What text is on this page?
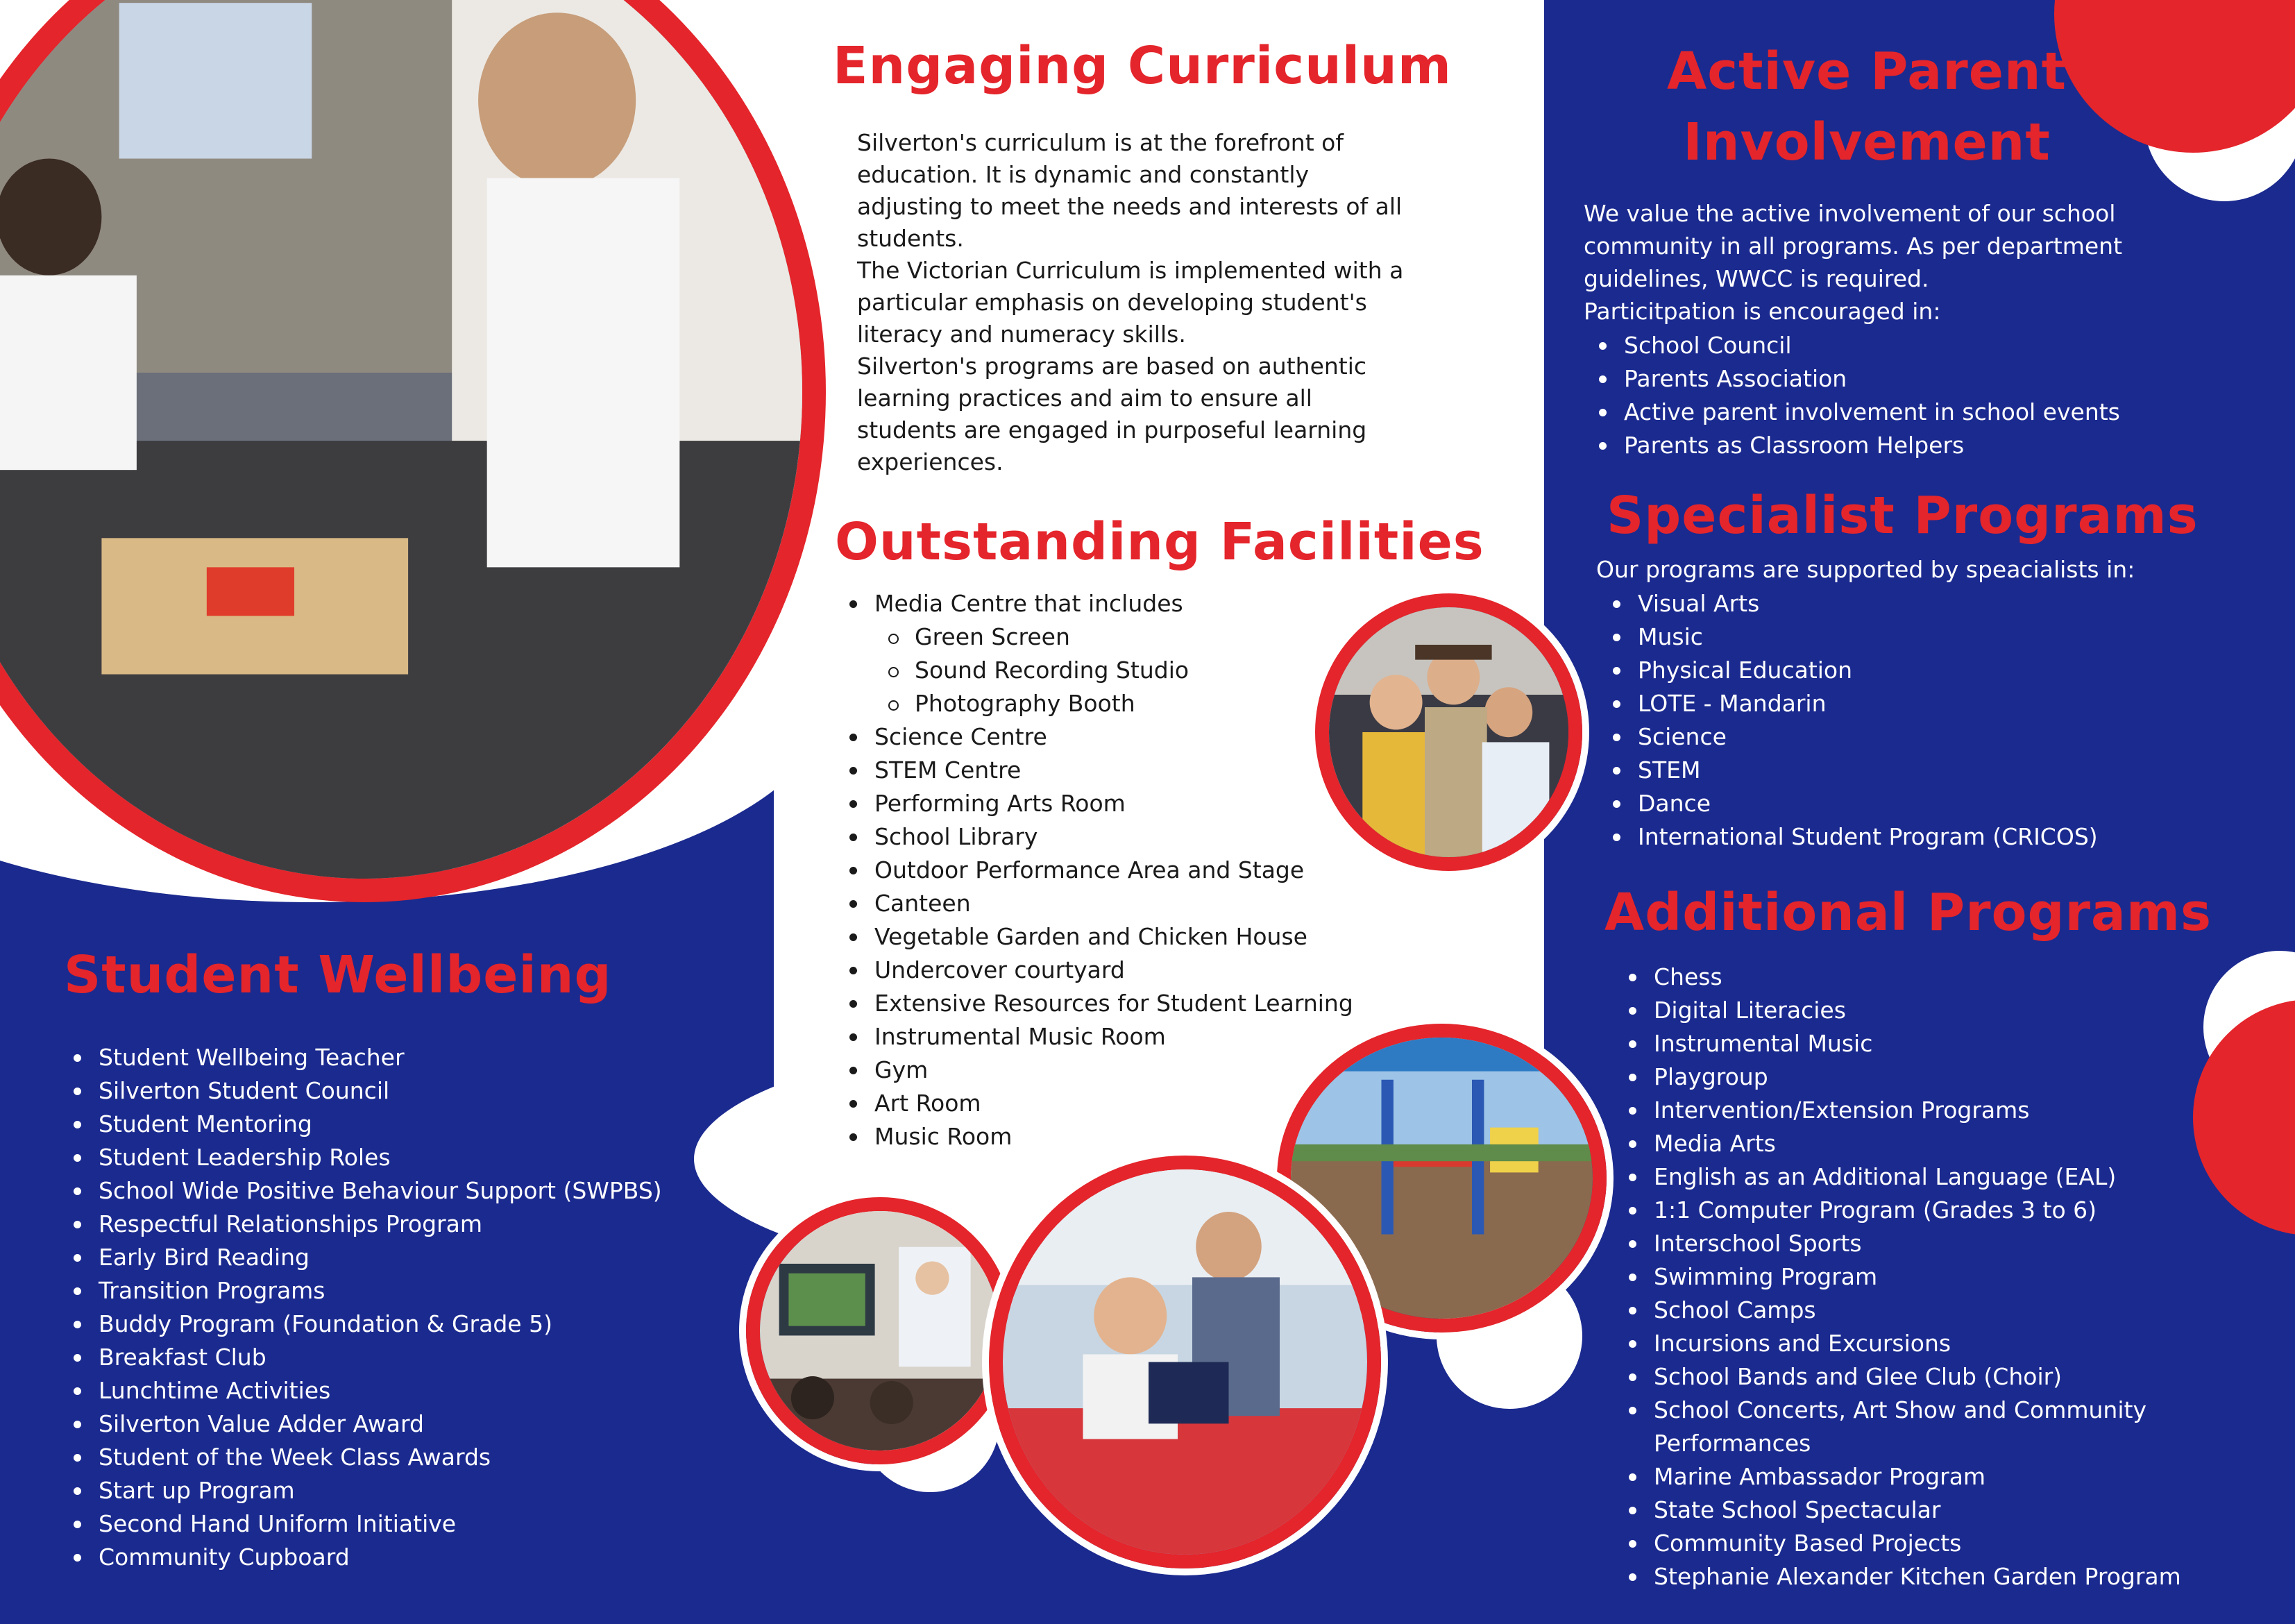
Engaging Curriculum
Silverton's curriculum is at the forefront of
education. It is dynamic and constantly
adjusting to meet the needs and interests of all
students.
The Victorian Curriculum is implemented with a
particular emphasis on developing student's
literacy and numeracy skills.
Silverton's programs are based on authentic
learning practices and aim to ensure all
students are engaged in purposeful learning
experiences.
Outstanding Facilities
Media Centre that includes
Green Screen
Sound Recording Studio
Photography Booth
Science Centre
STEM Centre
Performing Arts Room
School Library
Outdoor Performance Area and Stage
Canteen
Vegetable Garden and Chicken House
Undercover courtyard
Extensive Resources for Student Learning
Instrumental Music Room
Gym
Art Room
Music Room
Student Wellbeing
Student Wellbeing Teacher
Silverton Student Council
Student Mentoring
Student Leadership Roles
School Wide Positive Behaviour Support (SWPBS)
Respectful Relationships Program
Early Bird Reading
Transition Programs
Buddy Program (Foundation & Grade 5)
Breakfast Club
Lunchtime Activities
Silverton Value Adder Award
Student of the Week Class Awards
Start up Program
Second Hand Uniform Initiative
Community Cupboard
Active Parent
Involvement
We value the active involvement of our school
community in all programs. As per department
guidelines, WWCC is required.
Particitpation is encouraged in:
School Council
Parents Association
Active parent involvement in school events
Parents as Classroom Helpers
Specialist Programs
Our programs are supported by speacialists in:
Visual Arts
Music
Physical Education
LOTE - Mandarin
Science
STEM
Dance
International Student Program (CRICOS)
Additional Programs
Chess
Digital Literacies
Instrumental Music
Playgroup
Intervention/Extension Programs
Media Arts
English as an Additional Language (EAL)
1:1 Computer Program (Grades 3 to 6)
Interschool Sports
Swimming Program
School Camps
Incursions and Excursions
School Bands and Glee Club (Choir)
School Concerts, Art Show and Community
Performances
Marine Ambassador Program
State School Spectacular
Community Based Projects
Stephanie Alexander Kitchen Garden Program
